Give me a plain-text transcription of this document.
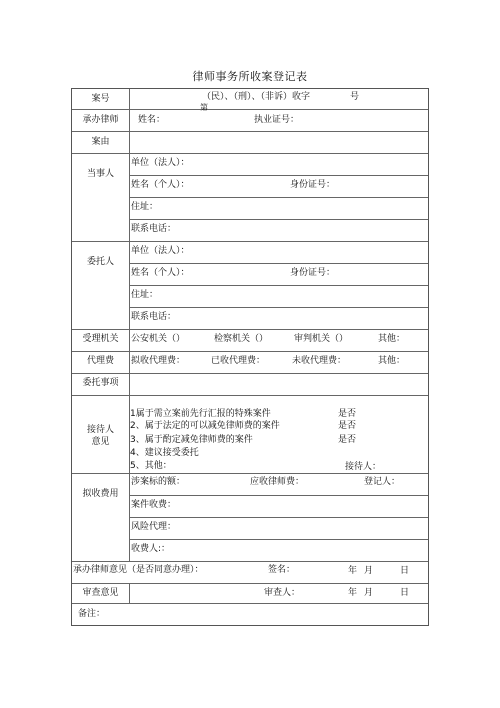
律师事务所收案登记表
案号	（民）、（刑）、（非诉）收字	号
第
承办律师	姓名：	执业证号：
案由
当事人
单位（法人）：
姓名（个人）：	身份证号：
住址：
联系电话：
委托人
单位（法人）：
姓名（个人）：	身份证号：
住址：
联系电话：
受理机关	公安机关（）	检察机关（）	审判机关（）	其他：
代理费	拟收代理费：	已收代理费：	未收代理费：	其他：
委托事项
接待人
意见
1属于需立案前先行汇报的特殊案件	是否
2、属于法定的可以减免律师费的案件	是否
3、属于酌定减免律师费的案件	是否
4、建议接受委托
5、其他：	接待人：
拟收费用
涉案标的额：	应收律师费：	登记人：
案件收费：
风险代理：
收费人:：
承办律师意见（是否同意办理）：	签名：	年 月	日
审查意见	审查人：	年 月	日
备注：
